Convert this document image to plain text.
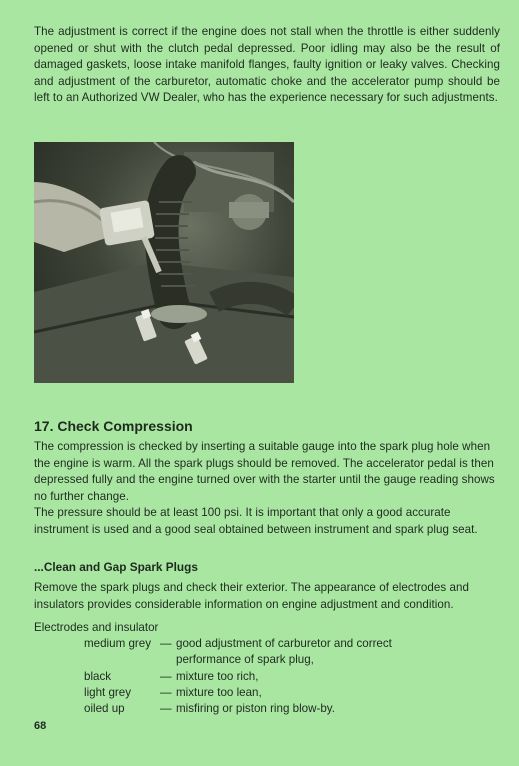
The adjustment is correct if the engine does not stall when the throttle is either suddenly opened or shut with the clutch pedal depressed. Poor idling may also be the result of damaged gaskets, loose intake manifold flanges, faulty ignition or leaky valves. Checking and adjustment of the carburetor, automatic choke and the accelerator pump should be left to an Authorized VW Dealer, who has the experience necessary for such adjustments.

17. Check Compression

The compression is checked by inserting a suitable gauge into the spark plug hole when the engine is warm. All the spark plugs should be removed. The accelerator pedal is then depressed fully and the engine turned over with the starter until the gauge reading shows no further change.

The pressure should be at least 100 psi. It is important that only a good accurate instrument is used and a good seal obtained between instrument and spark plug seat.

...Clean and Gap Spark Plugs

Remove the spark plugs and check their exterior. The appearance of electrodes and insulators provides considerable information on engine adjustment and condition.

Electrodes and insulator
medium grey — good adjustment of carburetor and correct
performance of spark plug,
black	— mixture too rich,
light grey	— mixture too lean,
oiled up	— misfiring or piston ring blow-by.
68
